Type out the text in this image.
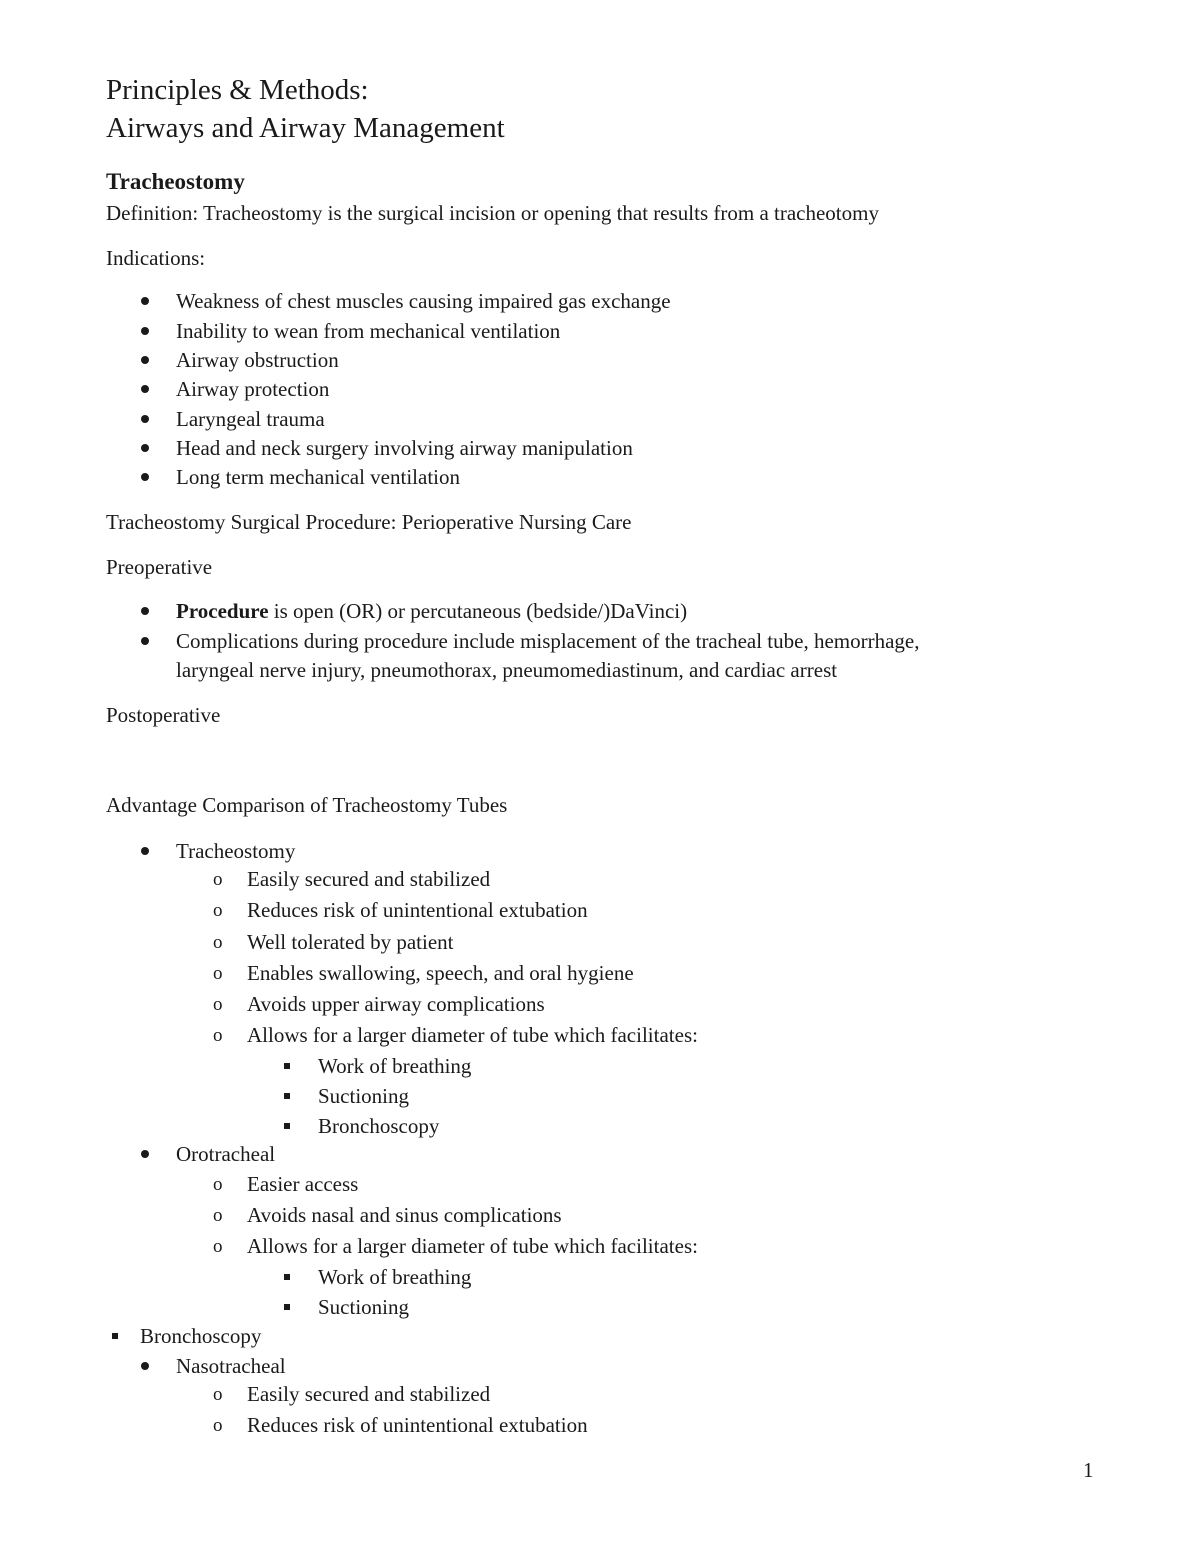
Principles & Methods:
Airways and Airway Management
Tracheostomy
Definition: Tracheostomy is the surgical incision or opening that results from a tracheotomy
Indications:
Weakness of chest muscles causing impaired gas exchange
Inability to wean from mechanical ventilation
Airway obstruction
Airway protection
Laryngeal trauma
Head and neck surgery involving airway manipulation
Long term mechanical ventilation
Tracheostomy Surgical Procedure: Perioperative Nursing Care
Preoperative
Procedure is open (OR) or percutaneous (bedside/)DaVinci)
Complications during procedure include misplacement of the tracheal tube, hemorrhage,
laryngeal nerve injury, pneumothorax, pneumomediastinum, and cardiac arrest
Postoperative
Advantage Comparison of Tracheostomy Tubes
Tracheostomy
o Easily secured and stabilized
o Reduces risk of unintentional extubation
o Well tolerated by patient
o Enables swallowing, speech, and oral hygiene
o Avoids upper airway complications
o Allows for a larger diameter of tube which facilitates:
Work of breathing
Suctioning
Bronchoscopy
Orotracheal
o Easier access
o Avoids nasal and sinus complications
o Allows for a larger diameter of tube which facilitates:
Work of breathing
Suctioning
Bronchoscopy
Nasotracheal
o Easily secured and stabilized
o Reduces risk of unintentional extubation
1
